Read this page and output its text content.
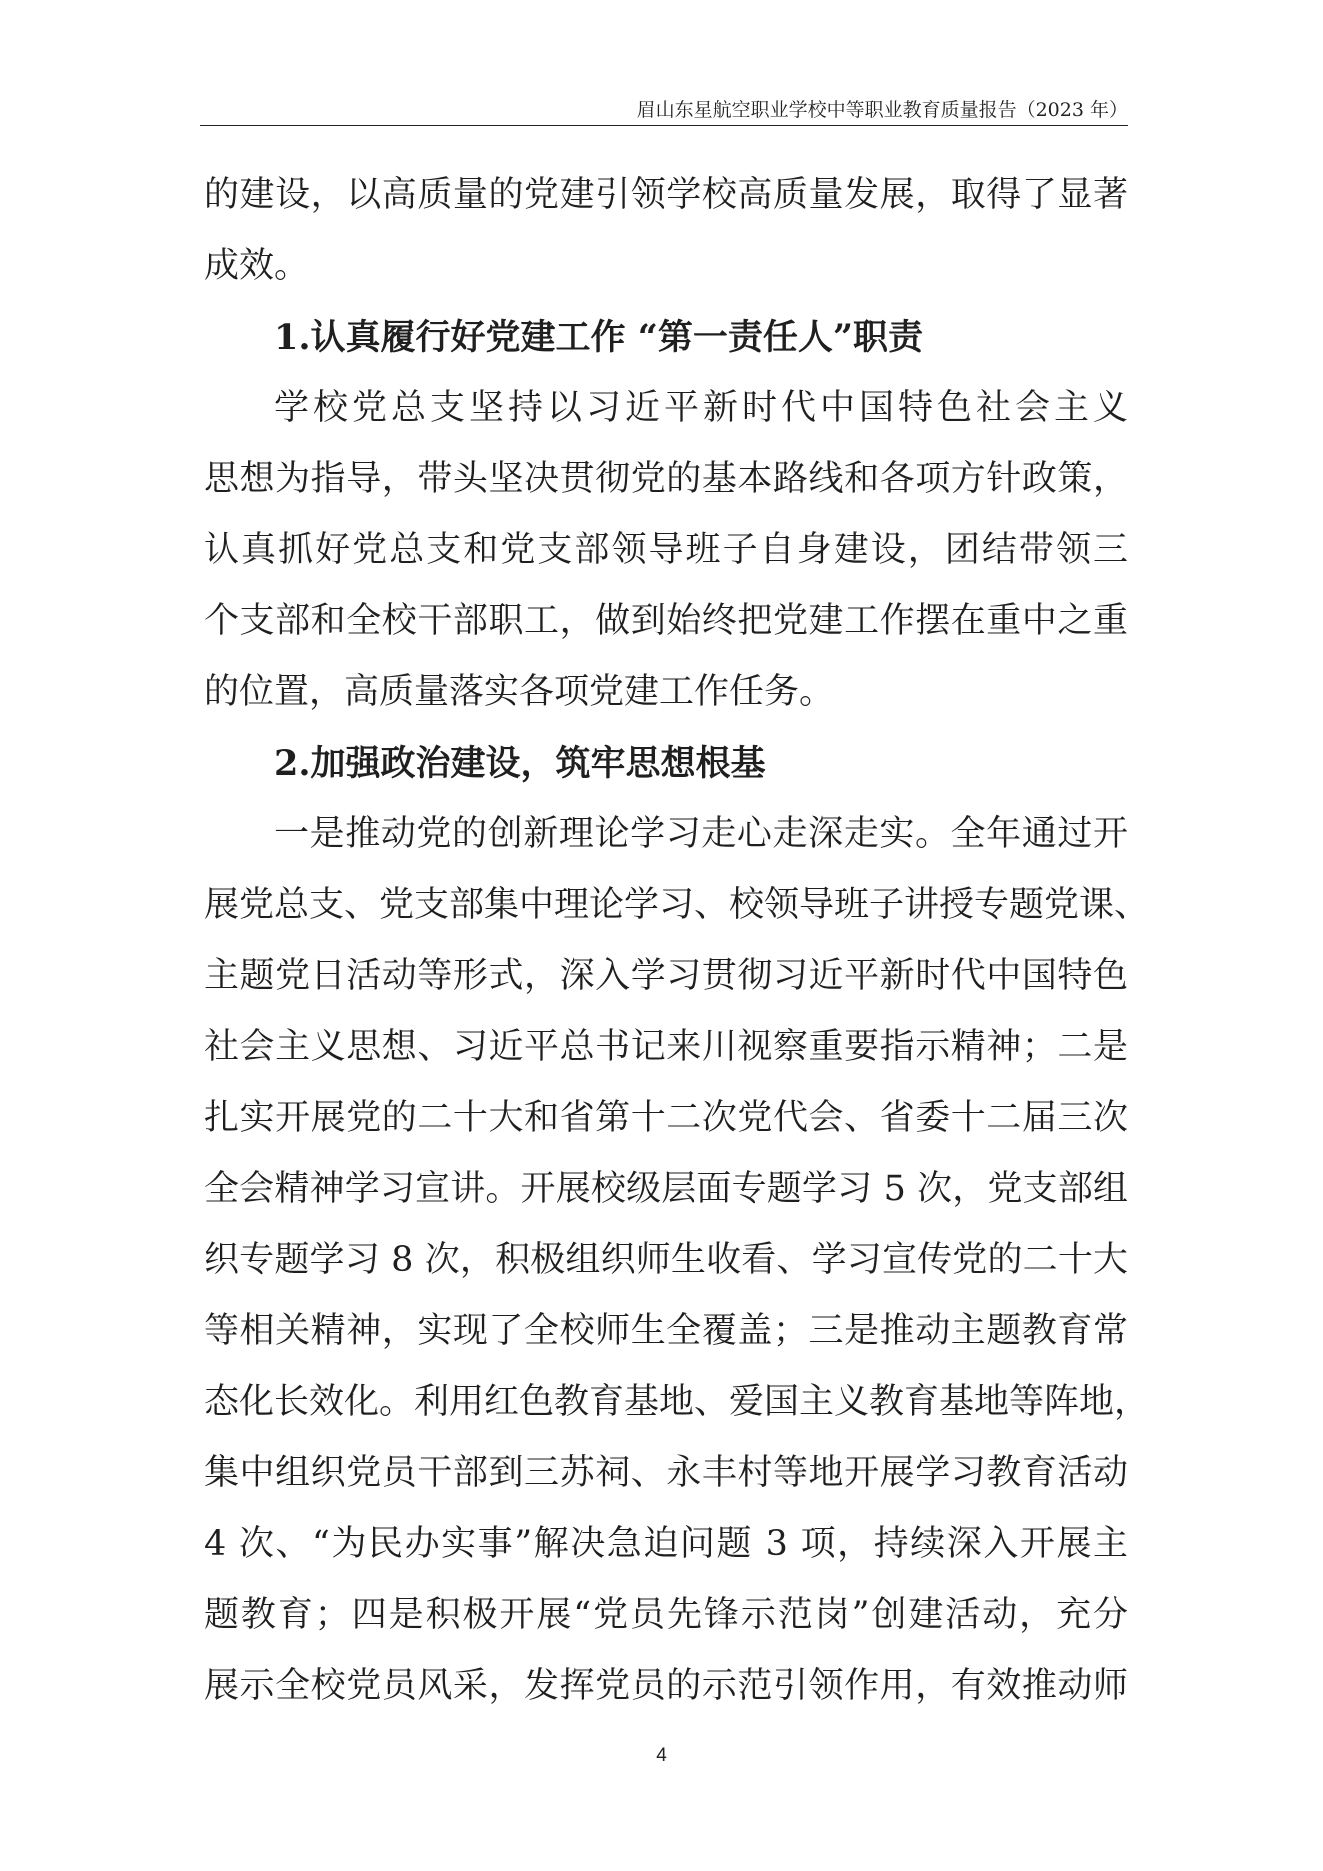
眉山东星航空职业学校中等职业教育质量报告（2023 年）
的建设，以高质量的党建引领学校高质量发展，取得了显著
成效。
1.认真履行好党建工作 “第一责任人”职责
学校党总支坚持以习近平新时代中国特色社会主义
思想为指导，带头坚决贯彻党的基本路线和各项方针政策，
认真抓好党总支和党支部领导班子自身建设，团结带领三
个支部和全校干部职工，做到始终把党建工作摆在重中之重
的位置，高质量落实各项党建工作任务。
2.加强政治建设，筑牢思想根基
一是推动党的创新理论学习走心走深走实。全年通过开
展党总支、党支部集中理论学习、校领导班子讲授专题党课、
主题党日活动等形式，深入学习贯彻习近平新时代中国特色
社会主义思想、习近平总书记来川视察重要指示精神；二是
扎实开展党的二十大和省第十二次党代会、省委十二届三次
全会精神学习宣讲。开展校级层面专题学习 5 次，党支部组
织专题学习 8 次，积极组织师生收看、学习宣传党的二十大
等相关精神，实现了全校师生全覆盖；三是推动主题教育常
态化长效化。利用红色教育基地、爱国主义教育基地等阵地，
集中组织党员干部到三苏祠、永丰村等地开展学习教育活动
4 次、“为民办实事”解决急迫问题 3 项，持续深入开展主
题教育；四是积极开展“党员先锋示范岗”创建活动，充分
展示全校党员风采，发挥党员的示范引领作用，有效推动师
4
